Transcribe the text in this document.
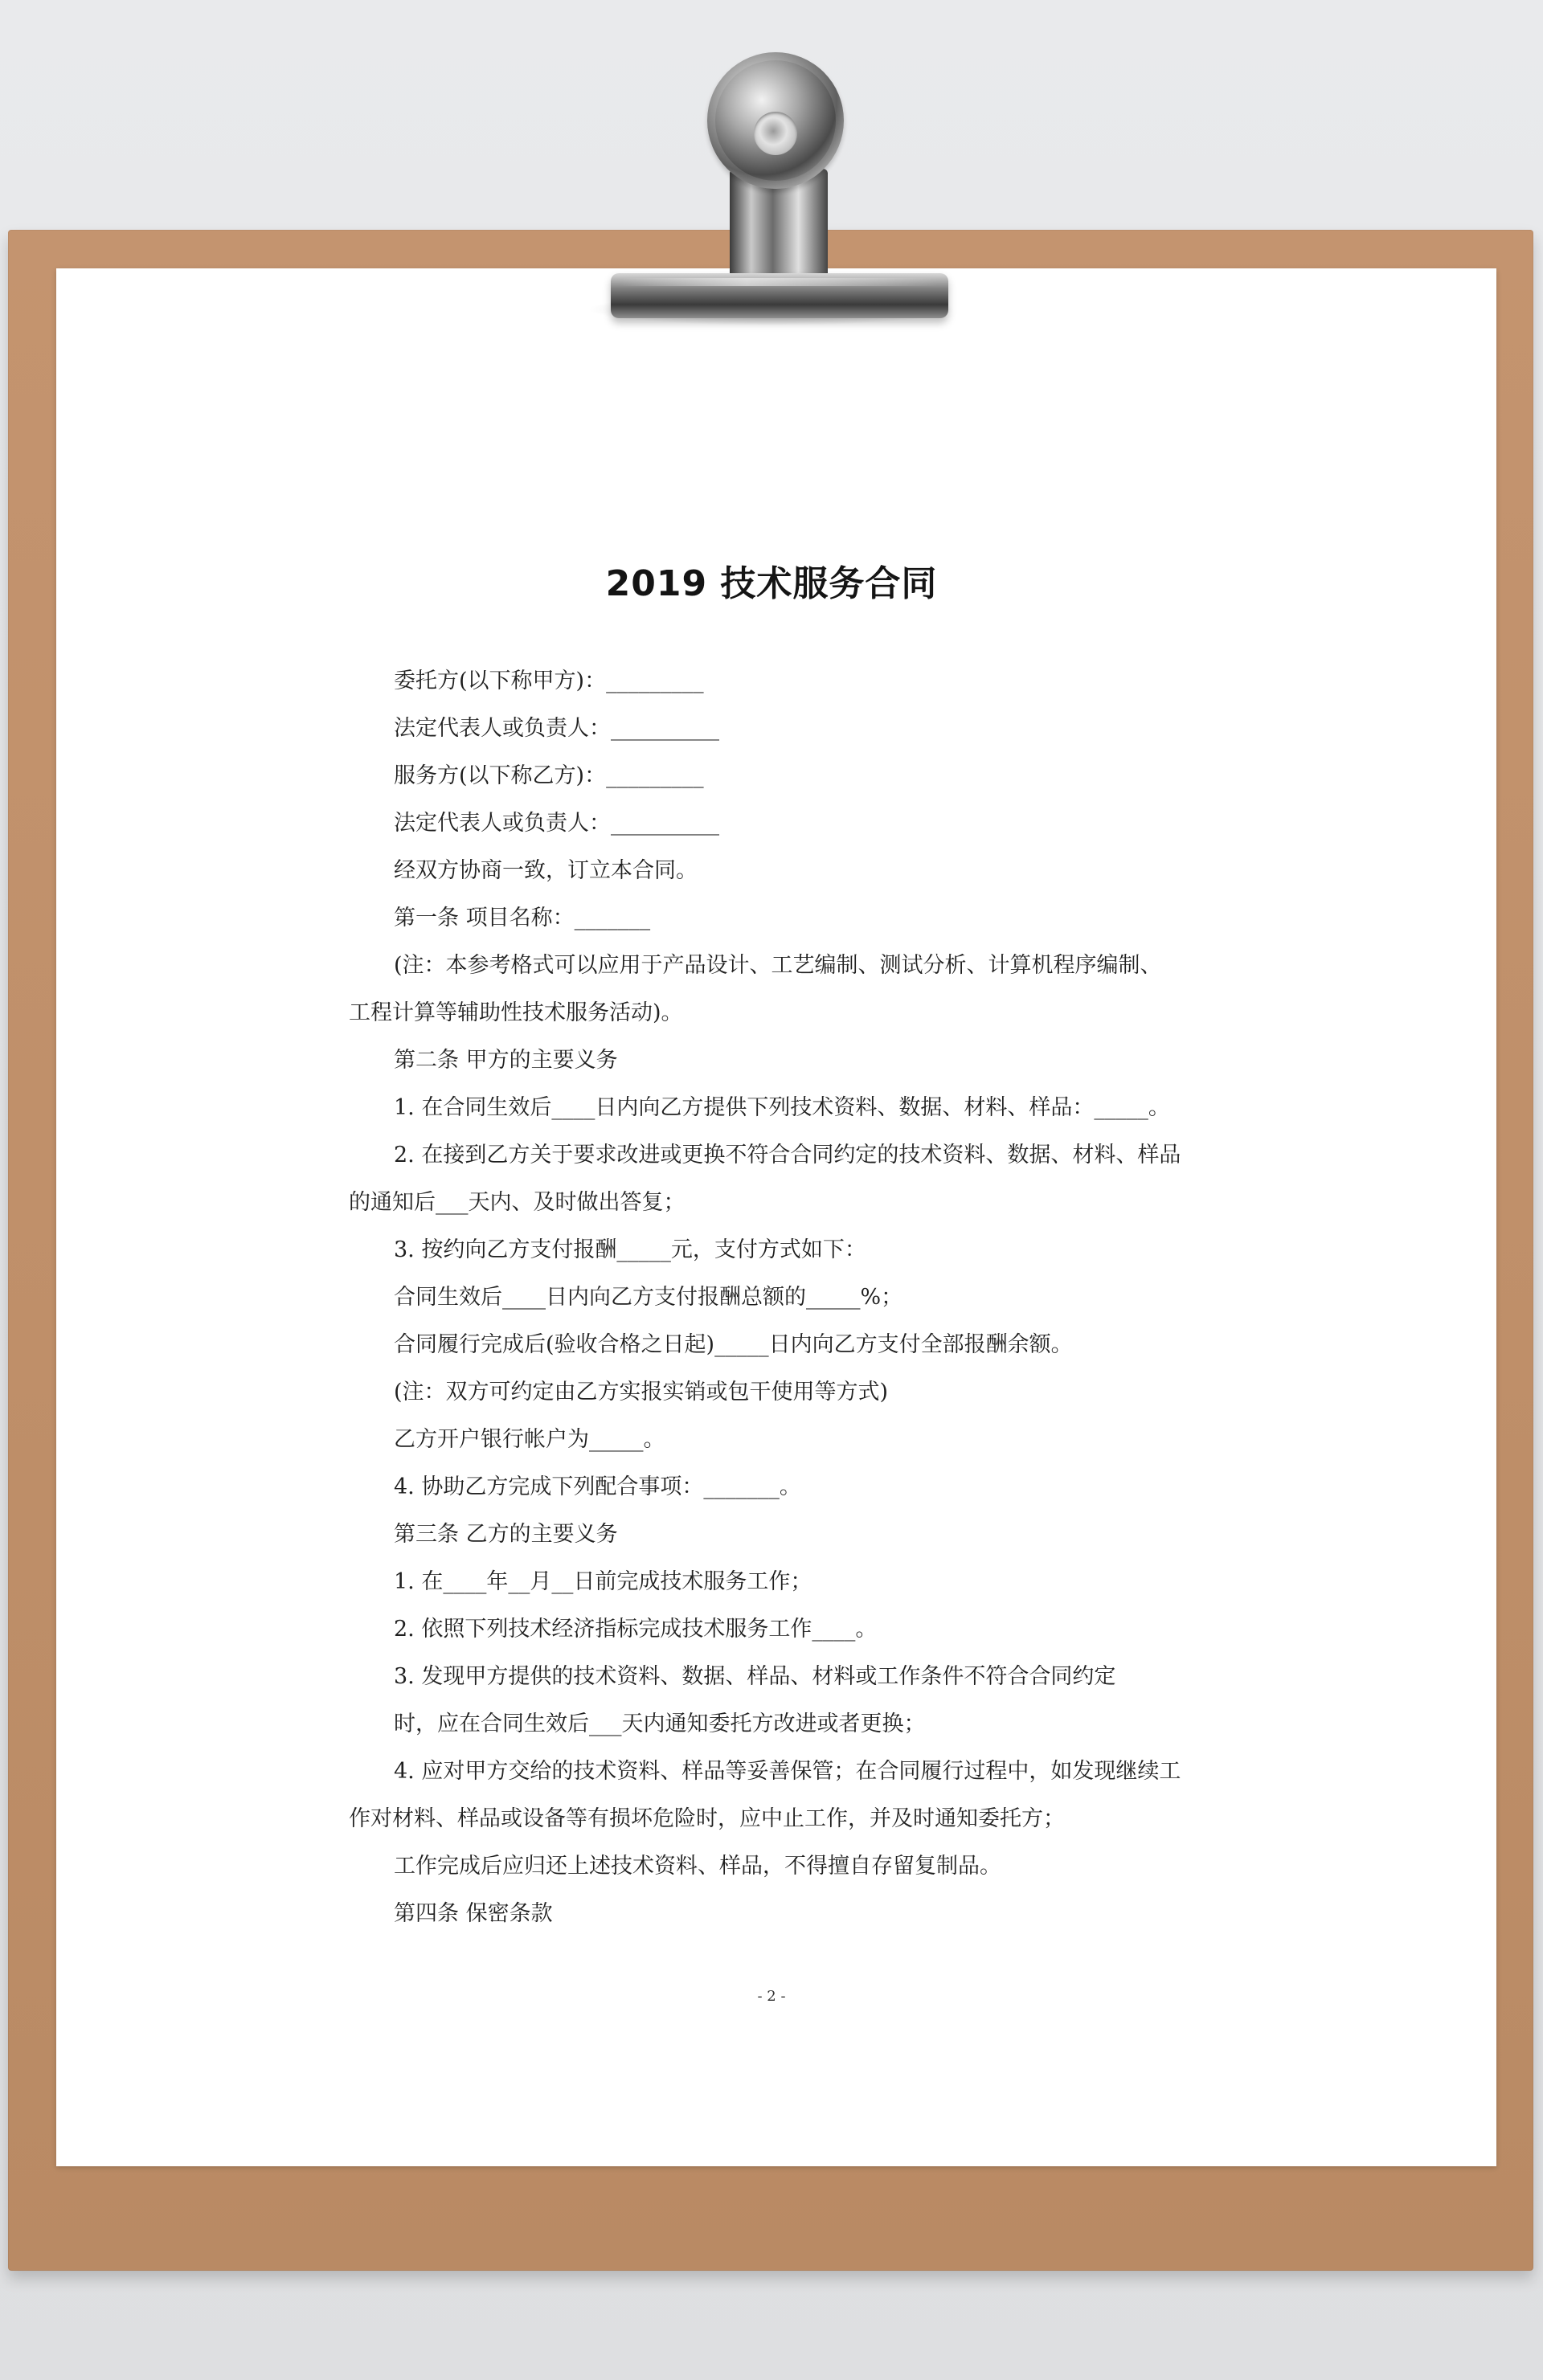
2019 技术服务合同
委托方(以下称甲方)：_________
法定代表人或负责人：__________
服务方(以下称乙方)：_________
法定代表人或负责人：__________
经双方协商一致，订立本合同。
第一条 项目名称：_______
(注：本参考格式可以应用于产品设计、工艺编制、测试分析、计算机程序编制、
工程计算等辅助性技术服务活动)。
第二条 甲方的主要义务
1. 在合同生效后____日内向乙方提供下列技术资料、数据、材料、样品：_____。
2. 在接到乙方关于要求改进或更换不符合合同约定的技术资料、数据、材料、样品
的通知后___天内、及时做出答复；
3. 按约向乙方支付报酬_____元，支付方式如下：
合同生效后____日内向乙方支付报酬总额的_____%；
合同履行完成后(验收合格之日起)_____日内向乙方支付全部报酬余额。
(注：双方可约定由乙方实报实销或包干使用等方式)
乙方开户银行帐户为_____。
4. 协助乙方完成下列配合事项：_______。
第三条 乙方的主要义务
1. 在____年__月__日前完成技术服务工作；
2. 依照下列技术经济指标完成技术服务工作____。
3. 发现甲方提供的技术资料、数据、样品、材料或工作条件不符合合同约定
时，应在合同生效后___天内通知委托方改进或者更换；
4. 应对甲方交给的技术资料、样品等妥善保管；在合同履行过程中，如发现继续工
作对材料、样品或设备等有损坏危险时，应中止工作，并及时通知委托方；
工作完成后应归还上述技术资料、样品，不得擅自存留复制品。
第四条 保密条款
- 2 -
